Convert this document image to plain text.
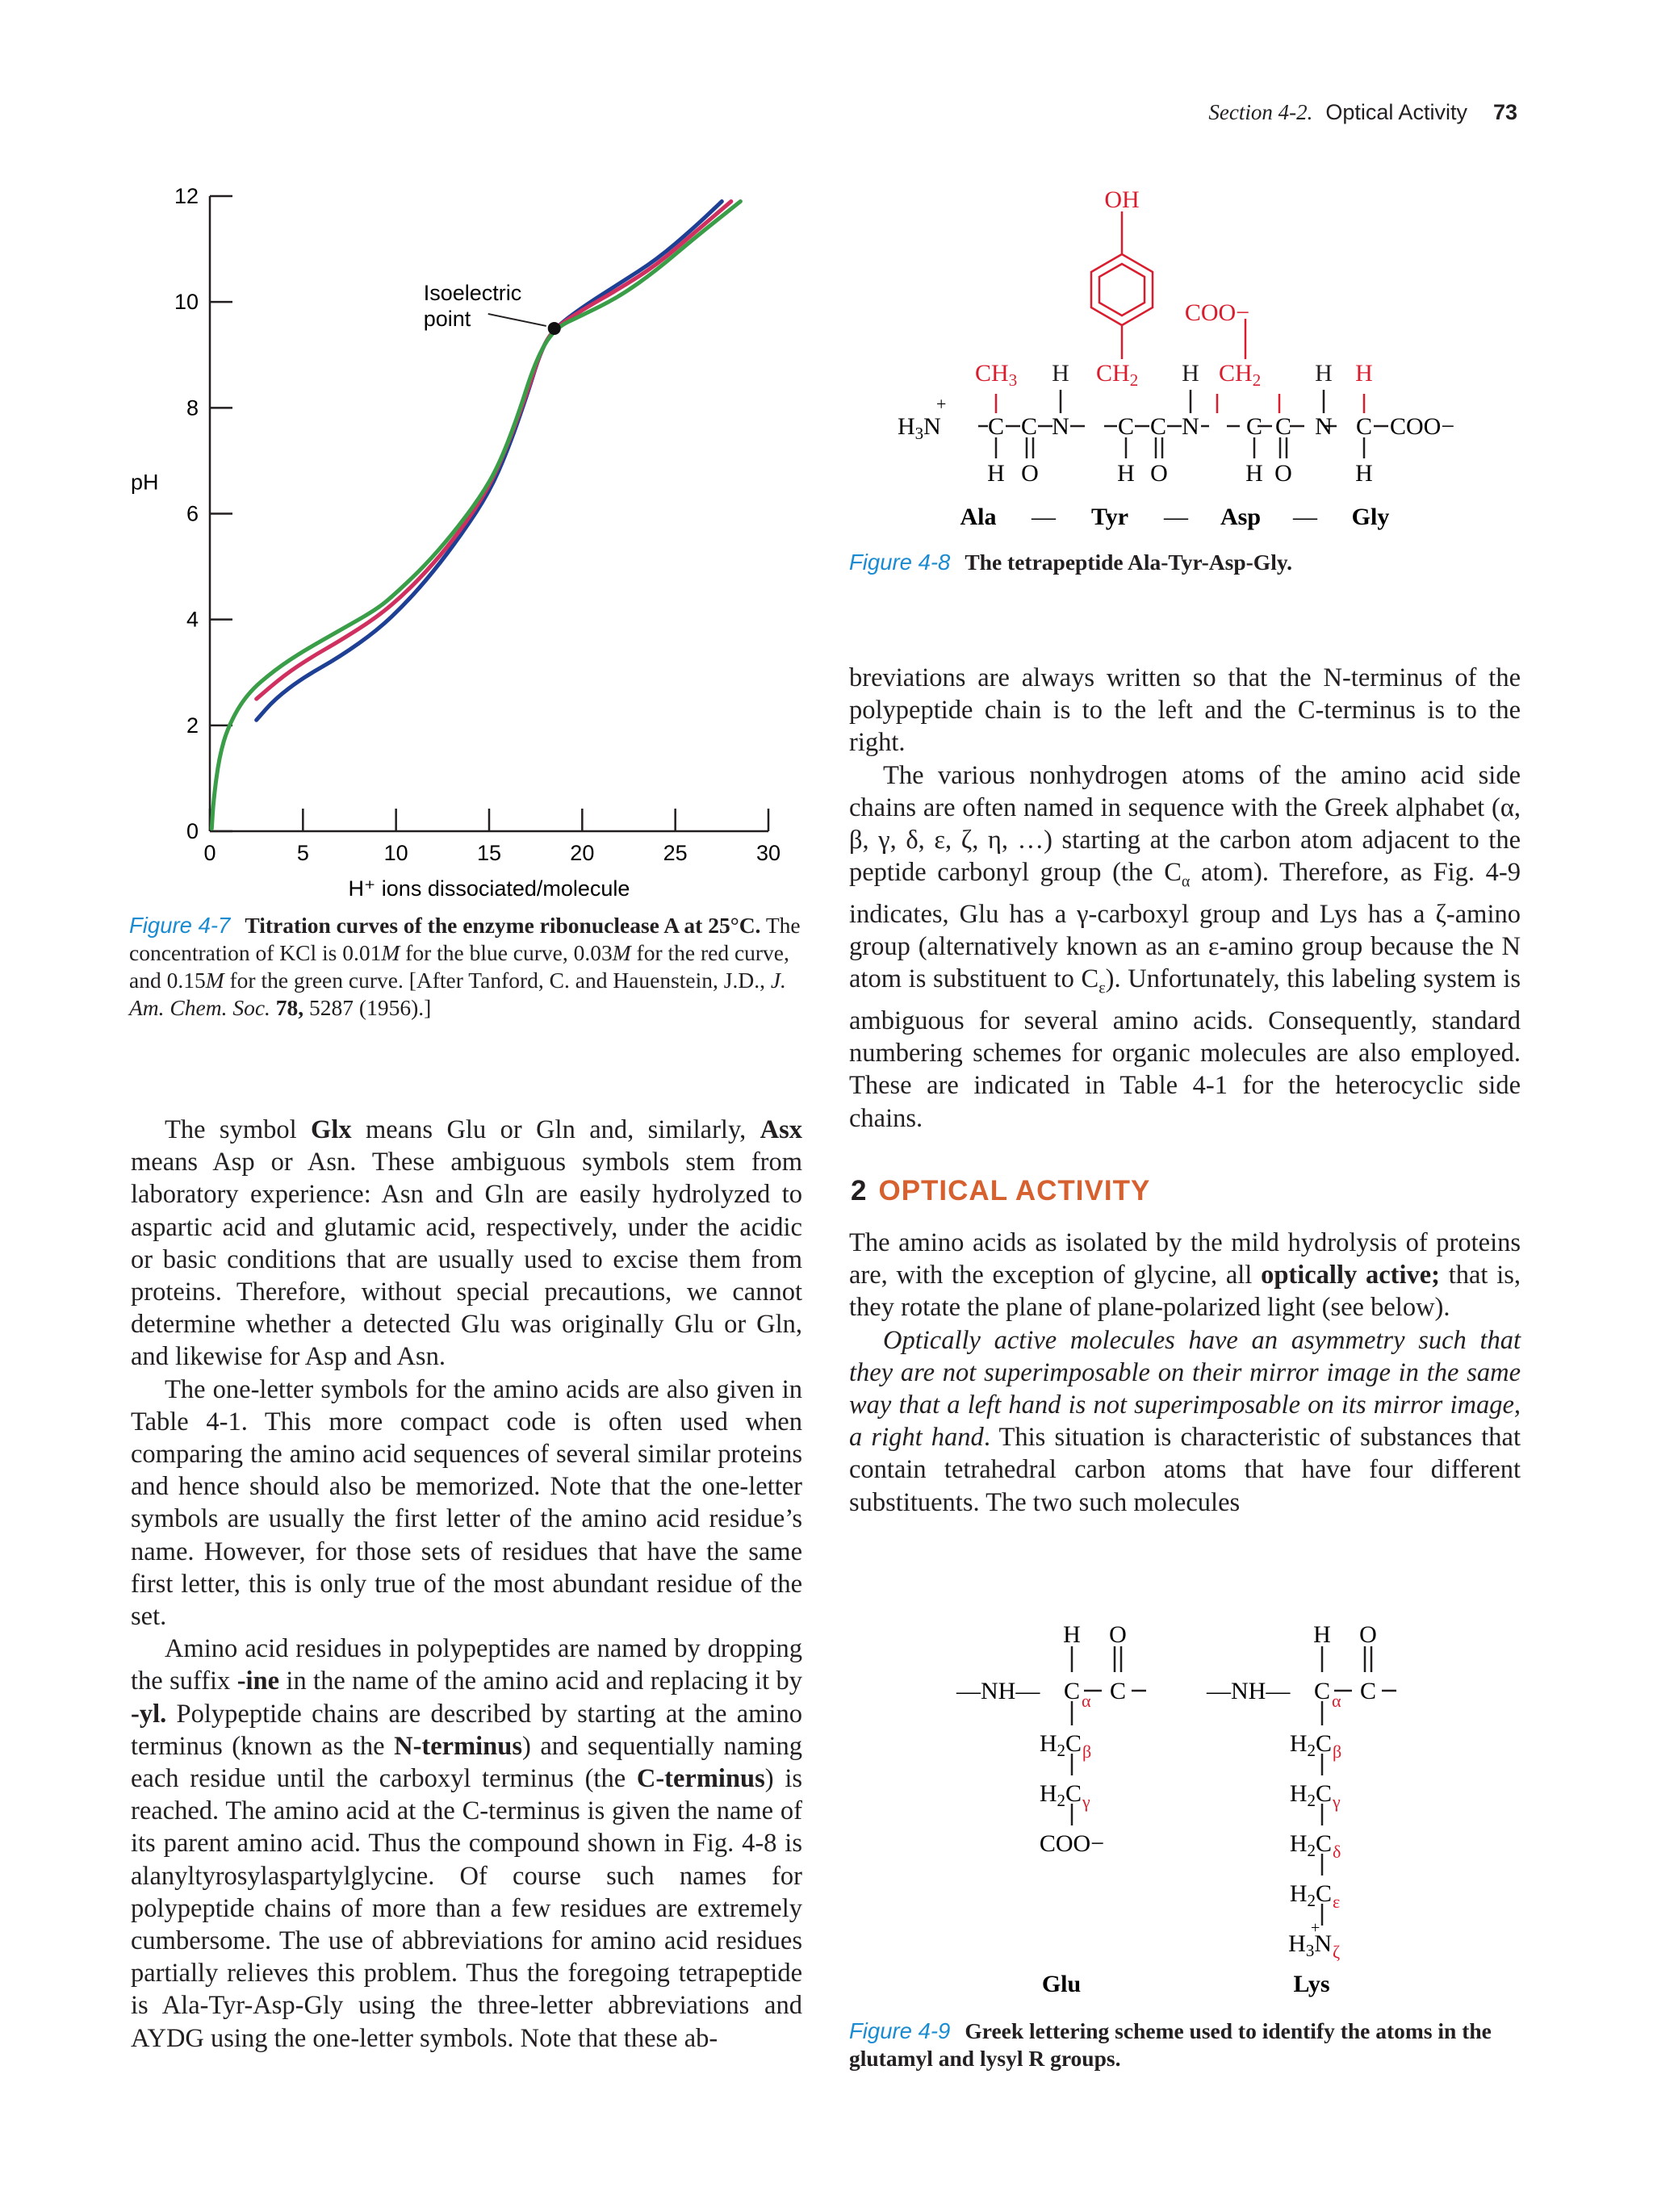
Section 4-2. Optical Activity 73
0
2
4
6
8
10
12
0	5	10	15	20	25	30
Isoelectric
point
pH
H⁺ ions dissociated/molecule
Figure 4-7 Titration curves of the enzyme ribonuclease A at 25°C. The concentration of KCl is 0.01M for the blue curve, 0.03M for the red curve, and 0.15M for the green curve. [After Tanford, C. and Hauenstein, J.D., J. Am. Chem. Soc. 78, 5287 (1956).]
OH
COO−
$CH_3$	$CH_2$	$CH_2$
H	H	H H
$H_3N$
+
C C N C C N C C N C
H O	H O	H O	H
COO−
Ala	Tyr	Asp	Gly
—	—	—
Figure 4-8 The tetrapeptide Ala-Tyr-Asp-Gly.

The symbol Glx means Glu or Gln and, similarly, Asx means Asp or Asn. These ambiguous symbols stem from laboratory experience: Asn and Gln are easily hydrolyzed to aspartic acid and glutamic acid, respectively, under the acidic or basic conditions that are usually used to excise them from proteins. Therefore, without special precautions, we cannot determine whether a detected Glu was originally Glu or Gln, and likewise for Asp and Asn.

The one-letter symbols for the amino acids are also given in Table 4-1. This more compact code is often used when comparing the amino acid sequences of several similar proteins and hence should also be memorized. Note that the one-letter symbols are usually the first letter of the amino acid residue’s name. However, for those sets of residues that have the same first letter, this is only true of the most abundant residue of the set.

Amino acid residues in polypeptides are named by dropping the suffix -ine in the name of the amino acid and replacing it by -yl. Polypeptide chains are described by starting at the amino terminus (known as the N-terminus) and sequentially naming each residue until the carboxyl terminus (the C-terminus) is reached. The amino acid at the C-terminus is given the name of its parent amino acid. Thus the compound shown in Fig. 4-8 is alanyltyrosylaspartylglycine. Of course such names for polypeptide chains of more than a few residues are extremely cumbersome. The use of abbreviations for amino acid residues partially relieves this problem. Thus the foregoing tetrapeptide is Ala-Tyr-Asp-Gly using the three-letter abbreviations and AYDG using the one-letter symbols. Note that these ab-

breviations are always written so that the N-terminus of the polypeptide chain is to the left and the C-terminus is to the right.

The various nonhydrogen atoms of the amino acid side chains are often named in sequence with the Greek alphabet (α, β, γ, δ, ε, ζ, η, …) starting at the carbon atom adjacent to the peptide carbonyl group (the $C_\alpha$ atom). Therefore, as Fig. 4-9 indicates, Glu has a γ-carboxyl group and Lys has a ζ-amino group (alternatively known as an ε-amino group because the N atom is substituent to $C_\varepsilon$). Unfortunately, this labeling system is ambiguous for several amino acids. Consequently, standard numbering schemes for organic molecules are also employed. These are indicated in Table 4-1 for the heterocyclic side chains.

2 OPTICAL ACTIVITY

The amino acids as isolated by the mild hydrolysis of proteins are, with the exception of glycine, all optically active; that is, they rotate the plane of plane-polarized light (see below).

Optically active molecules have an asymmetry such that they are not superimposable on their mirror image in the same way that a left hand is not superimposable on its mirror image, a right hand. This situation is characteristic of substances that contain tetrahedral carbon atoms that have four different substituents. The two such molecules

H O
—NH— C α C
$H_2C$ β
$H_2C$ γ
COO−
Glu
H O
—NH— C α C
$H_2C$ β
$H_2C$ γ
$H_2C$ δ
$H_2C$ ε
$H_3N$
+
ζ
Lys
Figure 4-9 Greek lettering scheme used to identify the atoms in the glutamyl and lysyl R groups.
